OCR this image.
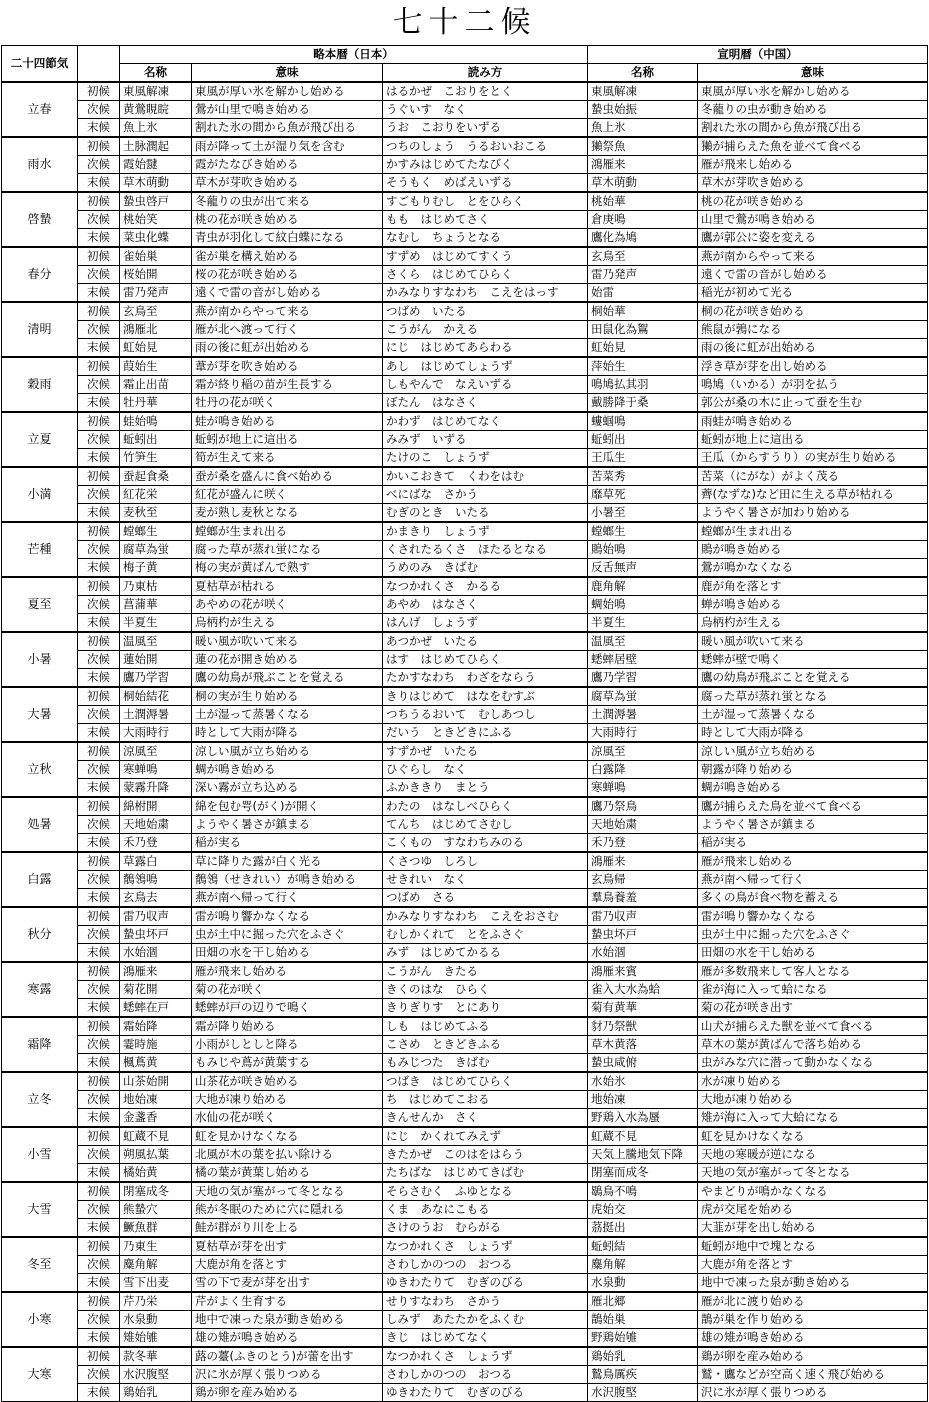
七十二候
二十四節気		略本暦（日本）			宣明暦（中国）	
		名称	意味	読み方	名称	意味
立春	初候	東風解凍	東風が厚い氷を解かし始める	はるかぜ　こおりをとく	東風解凍	東風が厚い氷を解かし始める
	次候	黄鶯睍睆	鶯が山里で鳴き始める	うぐいす　なく	蟄虫始振	冬蘢りの虫が動き始める
	末候	魚上氷	割れた氷の間から魚が飛び出る	うお　こおりをいずる	魚上氷	割れた氷の間から魚が飛び出る
雨水	初候	土脉潤起	雨が降って土が湿り気を含む	つちのしょう　うるおいおこる	獺祭魚	獺が捕らえた魚を並べて食べる
	次候	霞始靆	霞がたなびき始める	かすみはじめてたなびく	鴻雁来	雁が飛来し始める
	末候	草木萌動	草木が芽吹き始める	そうもく　めばえいずる	草木萌動	草木が芽吹き始める
啓蟄	初候	蟄虫啓戸	冬蘢りの虫が出て来る	すごもりむし　とをひらく	桃始華	桃の花が咲き始める
	次候	桃始笑	桃の花が咲き始める	もも　はじめてさく	倉庚鳴	山里で鶯が鳴き始める
	末候	菜虫化蝶	青虫が羽化して紋白蝶になる	なむし　ちょうとなる	鷹化為鳩	鷹が郭公に姿を変える
春分	初候	雀始巣	雀が巣を構え始める	すずめ　はじめてすくう	玄鳥至	燕が南からやって来る
	次候	桜始開	桜の花が咲き始める	さくら　はじめてひらく	雷乃発声	遠くで雷の音がし始める
	末候	雷乃発声	遠くで雷の音がし始める	かみなりすなわち　こえをはっす	始雷	稲光が初めて光る
清明	初候	玄鳥至	燕が南からやって来る	つばめ　いたる	桐始華	桐の花が咲き始める
	次候	鴻雁北	雁が北へ渡って行く	こうがん　かえる	田鼠化為鴽	熊鼠が鶉になる
	末候	虹始見	雨の後に虹が出始める	にじ　はじめてあらわる	虹始見	雨の後に虹が出始める
穀雨	初候	葭始生	葦が芽を吹き始める	あし　はじめてしょうず	萍始生	浮き草が芽を出し始める
	次候	霜止出苗	霜が終り稲の苗が生長する	しもやんで　なえいずる	鳴鳩払其羽	鳴鳩（いかる）が羽を払う
	末候	牡丹華	牡丹の花が咲く	ぼたん　はなさく	戴勝降于桑	郭公が桑の木に止って蚕を生む
立夏	初候	蛙始鳴	蛙が鳴き始める	かわず　はじめてなく	螻蝈鳴	雨蛙が鳴き始める
	次候	蚯蚓出	蚯蚓が地上に這出る	みみず　いずる	蚯蚓出	蚯蚓が地上に這出る
	末候	竹笋生	筍が生えて来る	たけのこ　しょうず	王瓜生	王瓜（からすうり）の実が生り始める
小満	初候	蚕起食桑	蚕が桑を盛んに食べ始める	かいこおきて　くわをはむ	苦菜秀	苦菜（にがな）がよく茂る
	次候	紅花栄	紅花が盛んに咲く	べにばな　さかう	靡草死	薺(なずな)など田に生える草が枯れる
	末候	麦秋至	麦が熟し麦秋となる	むぎのとき　いたる	小暑至	ようやく暑さが加わり始める
芒種	初候	螳螂生	螳螂が生まれ出る	かまきり　しょうず	螳螂生	螳螂が生まれ出る
	次候	腐草為蛍	腐った草が蒸れ蛍になる	くされたるくさ　ほたるとなる	鵙始鳴	鵙が鳴き始める
	末候	梅子黄	梅の実が黄ばんで熟す	うめのみ　きばむ	反舌無声	鶯が鳴かなくなる
夏至	初候	乃東枯	夏枯草が枯れる	なつかれくさ　かるる	鹿角解	鹿が角を落とす
	次候	菖蒲華	あやめの花が咲く	あやめ　はなさく	蜩始鳴	蝉が鳴き始める
	末候	半夏生	烏柄杓が生える	はんげ　しょうず	半夏生	烏柄杓が生える
小暑	初候	温風至	暖い風が吹いて来る	あつかぜ　いたる	温風至	暖い風が吹いて来る
	次候	蓮始開	蓮の花が開き始める	はす　はじめてひらく	蟋蟀居壁	蟋蟀が壁で鳴く
	末候	鷹乃学習	鷹の幼鳥が飛ぶことを覚える	たかすなわち　わざをならう	鷹乃学習	鷹の幼鳥が飛ぶことを覚える
大暑	初候	桐始結花	桐の実が生り始める	きりはじめて　はなをむすぶ	腐草為蛍	腐った草が蒸れ蛍となる
	次候	土潤溽暑	土が湿って蒸暑くなる	つちうるおいて　むしあつし	土潤溽暑	土が湿って蒸暑くなる
	末候	大雨時行	時として大雨が降る	だいう　ときどきにふる	大雨時行	時として大雨が降る
立秋	初候	涼風至	涼しい風が立ち始める	すずかぜ　いたる	涼風至	涼しい風が立ち始める
	次候	寒蝉鳴	蜩が鳴き始める	ひぐらし　なく	白露降	朝露が降り始める
	末候	蒙霧升降	深い霧が立ち込める	ふかききり　まとう	寒蝉鳴	蜩が鳴き始める
処暑	初候	綿柎開	綿を包む咢(がく)が開く	わたの　はなしべひらく	鷹乃祭鳥	鷹が捕らえた鳥を並べて食べる
	次候	天地始粛	ようやく暑さが鎮まる	てんち　はじめてさむし	天地始粛	ようやく暑さが鎮まる
	末候	禾乃登	稲が実る	こくもの　すなわちみのる	禾乃登	稲が実る
白露	初候	草露白	草に降りた露が白く光る	くさつゆ　しろし	鴻雁来	雁が飛来し始める
	次候	鶺鴒鳴	鶺鴒（せきれい）が鳴き始める	せきれい　なく	玄鳥帰	燕が南へ帰って行く
	末候	玄鳥去	燕が南へ帰って行く	つばめ　さる	羣鳥養羞	多くの鳥が食べ物を蓄える
秋分	初候	雷乃収声	雷が鳴り響かなくなる	かみなりすなわち　こえをおさむ	雷乃収声	雷が鳴り響かなくなる
	次候	蟄虫坏戸	虫が土中に掘った穴をふさぐ	むしかくれて　とをふさぐ	蟄虫坏戸	虫が土中に掘った穴をふさぐ
	末候	水始涸	田畑の水を干し始める	みず　はじめてかるる	水始涸	田畑の水を干し始める
寒露	初候	鴻雁来	雁が飛来し始める	こうがん　きたる	鴻雁来賓	雁が多数飛来して客人となる
	次候	菊花開	菊の花が咲く	きくのはな　ひらく	雀入大水為蛤	雀が海に入って蛤になる
	末候	蟋蟀在戸	蟋蟀が戸の辺りで鳴く	きりぎりす　とにあり	菊有黄華	菊の花が咲き出す
霜降	初候	霜始降	霜が降り始める	しも　はじめてふる	豺乃祭獣	山犬が捕らえた獣を並べて食べる
	次候	霎時施	小雨がしとしと降る	こさめ　ときどきふる	草木黄落	草木の葉が黄ばんで落ち始める
	末候	楓蔦黄	もみじや蔦が黄葉する	もみじつた　きばむ	蟄虫咸俯	虫がみな穴に潜って動かなくなる
立冬	初候	山茶始開	山茶花が咲き始める	つばき　はじめてひらく	水始氷	水が凍り始める
	次候	地始凍	大地が凍り始める	ち　はじめてこおる	地始凍	大地が凍り始める
	末候	金盞香	水仙の花が咲く	きんせんか　さく	野鶏入水為蜃	雉が海に入って大蛤になる
小雪	初候	虹蔵不見	虹を見かけなくなる	にじ　かくれてみえず	虹蔵不見	虹を見かけなくなる
	次候	朔風払葉	北風が木の葉を払い除ける	きたかぜ　このはをはらう	天気上騰地気下降	天地の寒暖が逆になる
	末候	橘始黄	橘の葉が黄葉し始める	たちばな　はじめてきばむ	閉塞而成冬	天地の気が塞がって冬となる
大雪	初候	閉塞成冬	天地の気が塞がって冬となる	そらさむく　ふゆとなる	鶡鳥不鳴	やまどりが鳴かなくなる
	次候	熊蟄穴	熊が冬眠のために穴に隠れる	くま　あなにこもる	虎始交	虎が交尾を始める
	末候	鱖魚群	鮭が群がり川を上る	さけのうお　むらがる	茘挺出	大韮が芽を出し始める
冬至	初候	乃東生	夏枯草が芽を出す	なつかれくさ　しょうず	蚯蚓結	蚯蚓が地中で塊となる
	次候	麋角解	大鹿が角を落とす	さわしかのつの　おつる	麋角解	大鹿が角を落とす
	末候	雪下出麦	雪の下で麦が芽を出す	ゆきわたりて　むぎのびる	水泉動	地中で凍った泉が動き始める
小寒	初候	芹乃栄	芹がよく生育する	せりすなわち　さかう	雁北郷	雁が北に渡り始める
	次候	水泉動	地中で凍った泉が動き始める	しみず　あたたかをふくむ	鵲始巣	鵲が巣を作り始める
	末候	雉始雊	雄の雉が鳴き始める	きじ　はじめてなく	野鶏始雊	雄の雉が鳴き始める
大寒	初候	款冬華	蕗の薹(ふきのとう)が蕾を出す	なつかれくさ　しょうず	鶏始乳	鶏が卵を産み始める
	次候	水沢腹堅	沢に氷が厚く張りつめる	さわしかのつの　おつる	鷙鳥厲疾	鷲・鷹などが空高く速く飛び始める
	末候	鶏始乳	鶏が卵を産み始める	ゆきわたりて　むぎのびる	水沢腹堅	沢に氷が厚く張りつめる
